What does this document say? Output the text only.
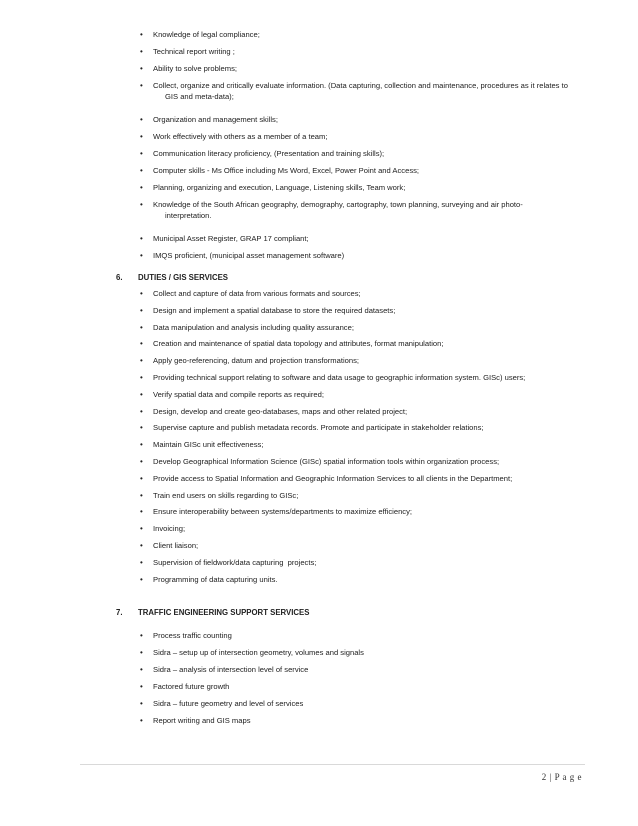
• Knowledge of legal compliance;
• Technical report writing ;
• Ability to solve problems;
• Collect, organize and critically evaluate information. (Data capturing, collection and maintenance, procedures as it relates to
GIS and meta-data);
• Organization and management skills;
• Work effectively with others as a member of a team;
• Communication literacy proficiency, (Presentation and training skills);
• Computer skills - Ms Office including Ms Word, Excel, Power Point and Access;
• Planning, organizing and execution, Language, Listening skills, Team work;
• Knowledge of the South African geography, demography, cartography, town planning, surveying and air photo-
interpretation.
• Municipal Asset Register, GRAP 17 compliant;
• IMQS proficient, (municipal asset management software)
6. DUTIES / GIS SERVICES
• Collect and capture of data from various formats and sources;
• Design and implement a spatial database to store the required datasets;
• Data manipulation and analysis including quality assurance;
• Creation and maintenance of spatial data topology and attributes, format manipulation;
• Apply geo-referencing, datum and projection transformations;
• Providing technical support relating to software and data usage to geographic information system. GISc) users;
• Verify spatial data and compile reports as required;
• Design, develop and create geo-databases, maps and other related project;
• Supervise capture and publish metadata records. Promote and participate in stakeholder relations;
• Maintain GISc unit effectiveness;
• Develop Geographical Information Science (GISc) spatial information tools within organization process;
• Provide access to Spatial Information and Geographic Information Services to all clients in the Department;
• Train end users on skills regarding to GISc;
• Ensure interoperability between systems/departments to maximize efficiency;
• Invoicing;
• Client liaison;
• Supervision of fieldwork/data capturing  projects;
• Programming of data capturing units.
7. TRAFFIC ENGINEERING SUPPORT SERVICES
• Process traffic counting
• Sidra – setup up of intersection geometry, volumes and signals
• Sidra – analysis of intersection level of service
• Factored future growth
• Sidra – future geometry and level of services
• Report writing and GIS maps
2 | P a g e
